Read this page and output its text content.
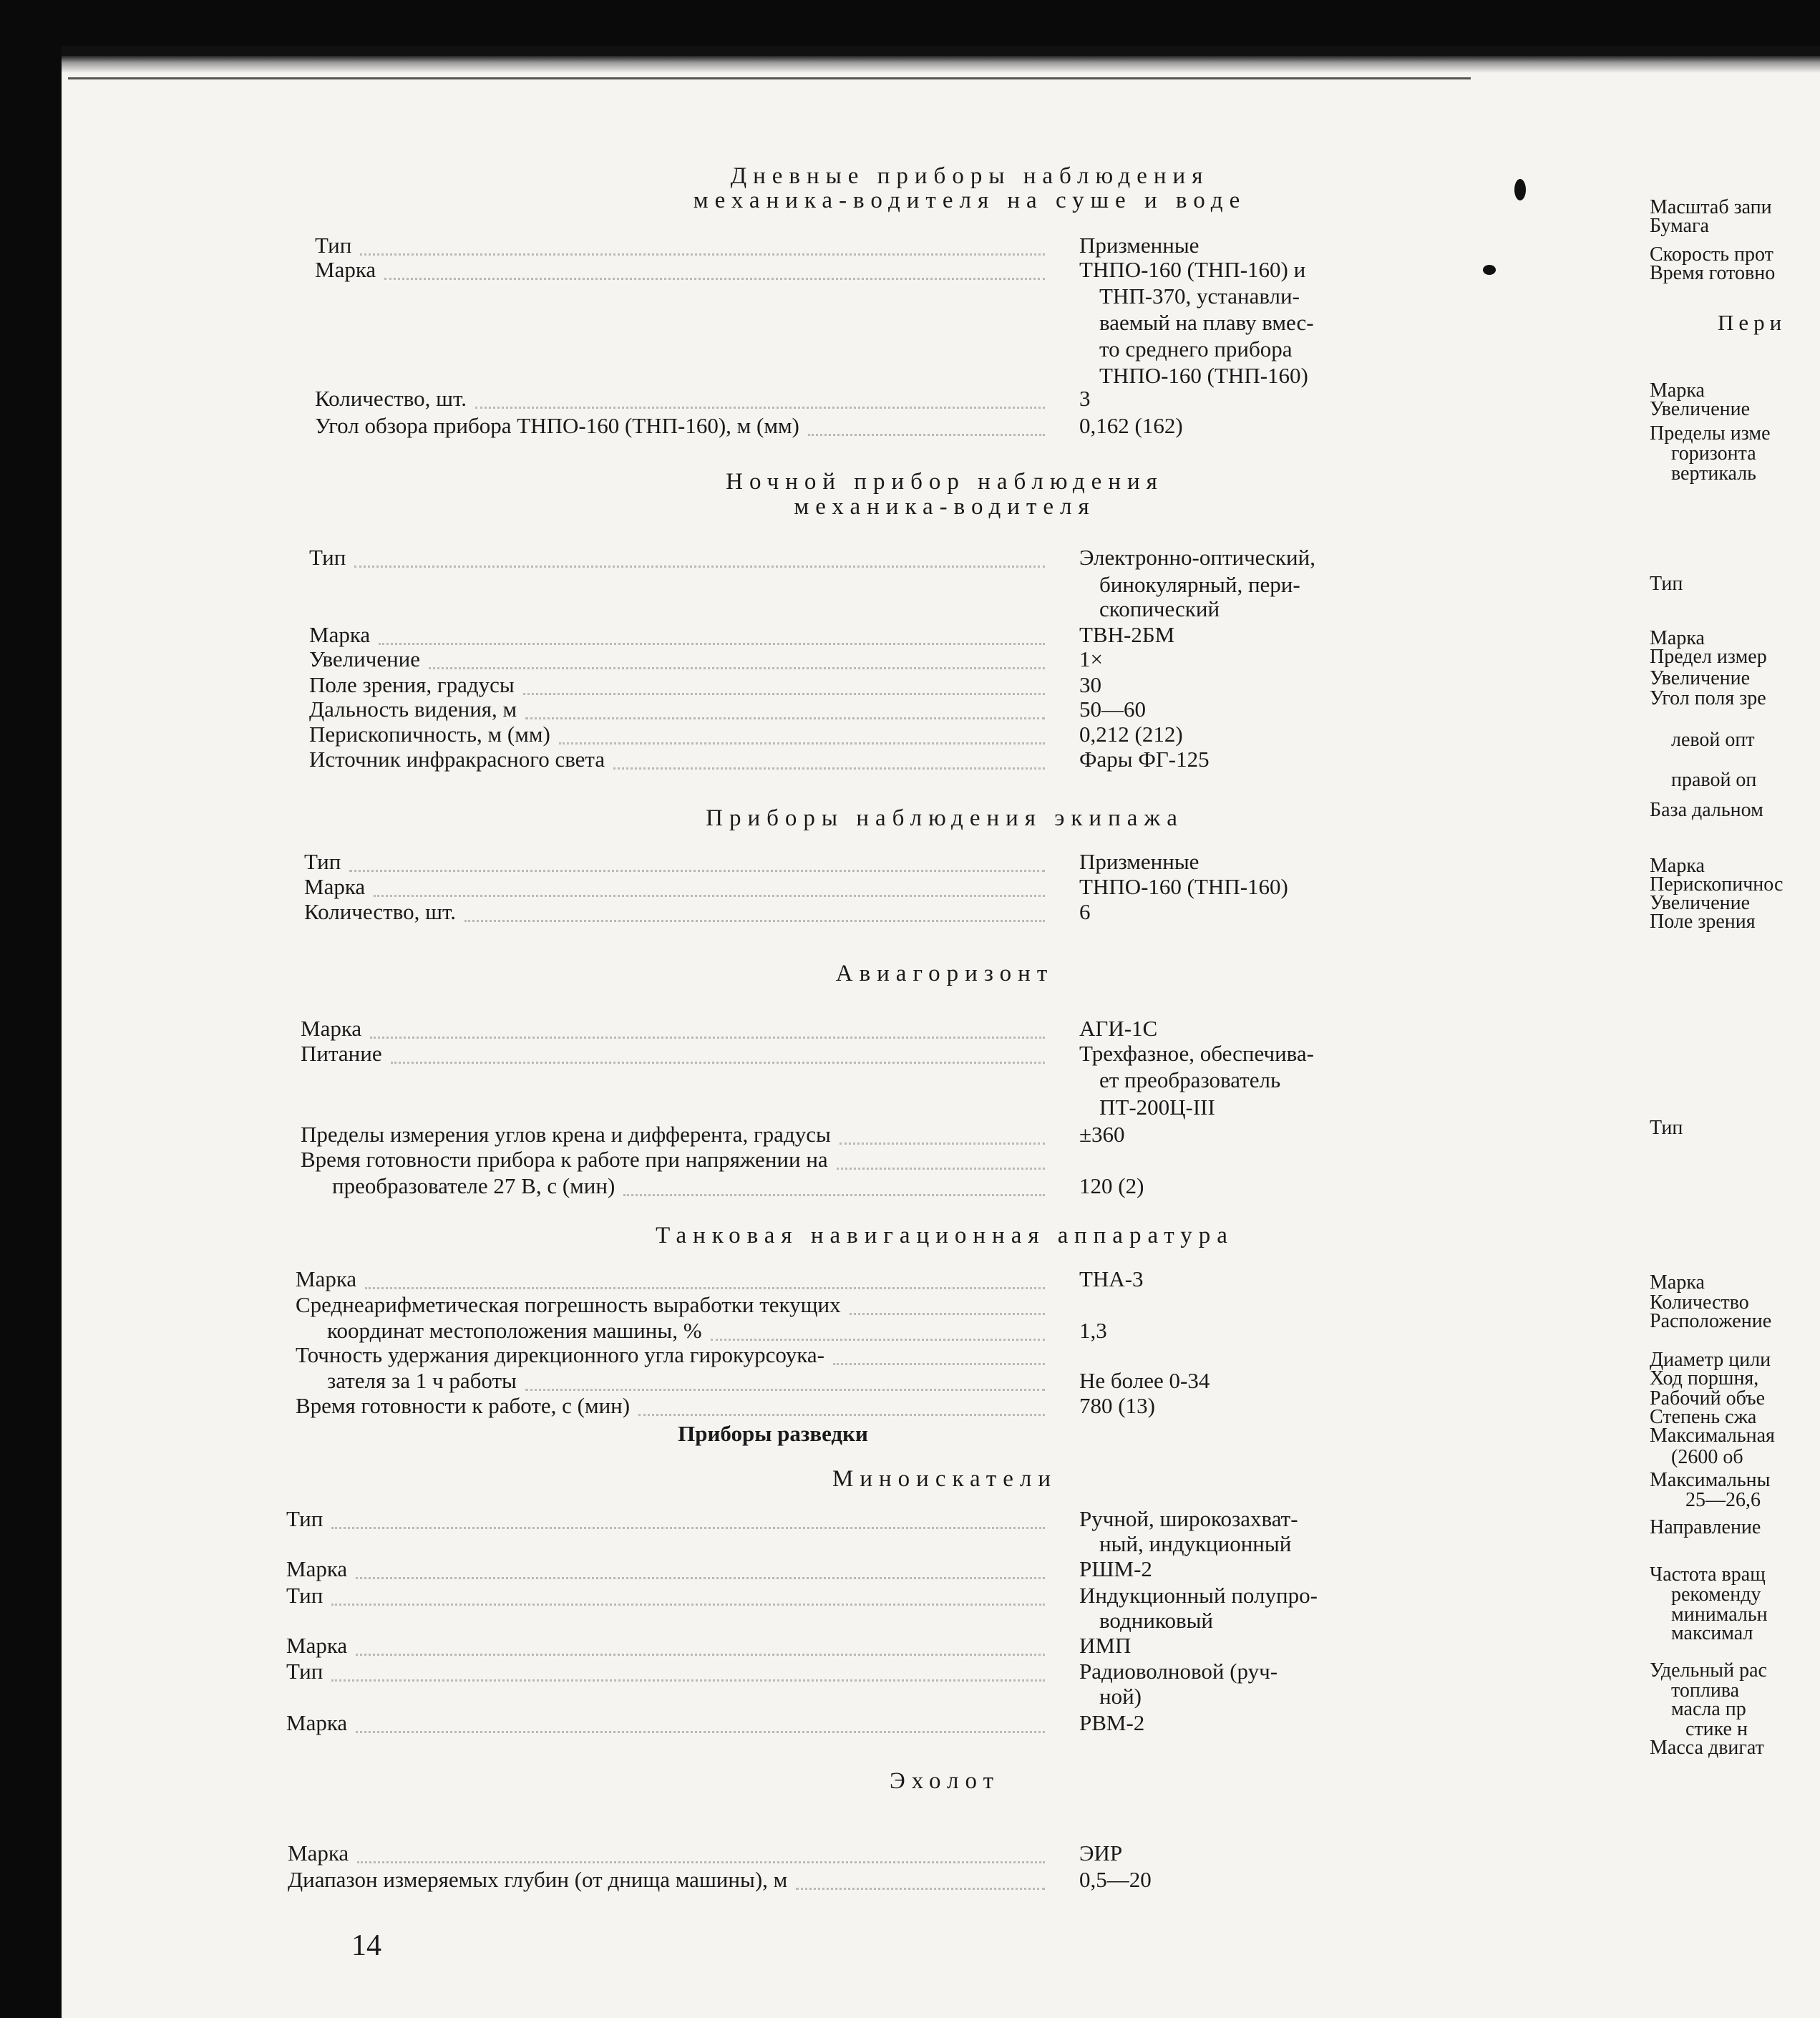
Дневные приборы наблюдения
механика-водителя на суше и воде
Тип	Призменные
Марка	ТНПО-160 (ТНП-160) и
ТНП-370, устанавли-
ваемый на плаву вмес-
то среднего прибора
ТНПО-160 (ТНП-160)
Количество, шт.	3
Угол обзора прибора ТНПО-160 (ТНП-160), м (мм)	0,162 (162)
Ночной прибор наблюдения
механика-водителя
Тип	Электронно-оптический,
бинокулярный, пери-
скопический
Марка	ТВН-2БМ
Увеличение	1×
Поле зрения, градусы	30
Дальность видения, м	50—60
Перископичность, м (мм)	0,212 (212)
Источник инфракрасного света	Фары ФГ-125
Приборы наблюдения экипажа
Тип	Призменные
Марка	ТНПО-160 (ТНП-160)
Количество, шт.	6
Авиагоризонт
Марка	АГИ-1С
Питание	Трехфазное, обеспечива-
ет преобразователь
ПТ-200Ц-III
Пределы измерения углов крена и дифферента, градусы	±360
Время готовности прибора к работе при напряжении на
преобразователе 27 В, с (мин)	120 (2)
Танковая навигационная аппаратура
Марка	ТНА-3
Среднеарифметическая погрешность выработки текущих
координат местоположения машины, %	1,3
Точность удержания дирекционного угла гирокурсоука-
зателя за 1 ч работы	Не более 0-34
Время готовности к работе, с (мин)	780 (13)
Приборы разведки
Миноискатели
Тип	Ручной, широкозахват-
ный, индукционный
Марка	РШМ-2
Тип	Индукционный полупро-
водниковый
Марка	ИМП
Тип	Радиоволновой (руч-
ной)
Марка	РВМ-2
Эхолот
Марка	ЭИР
Диапазон измеряемых глубин (от днища машины), м	0,5—20
14
Масштаб запи
Бумага
Скорость прот
Время готовно
Пери
Марка
Увеличение
Пределы изме
горизонта
вертикаль
Тип
Марка
Предел измер
Увеличение
Угол поля зре
левой опт
правой оп
База дальном
Марка
Перископичнос
Увеличение
Поле зрения
Тип
Марка
Количество
Расположение
Диаметр цили
Ход поршня,
Рабочий объе
Степень сжа
Максимальная
(2600 об
Максимальны
25—26,6
Направление
Частота вращ
рекоменду
минимальн
максимал
Удельный рас
топлива
масла пр
стике н
Масса двигат
